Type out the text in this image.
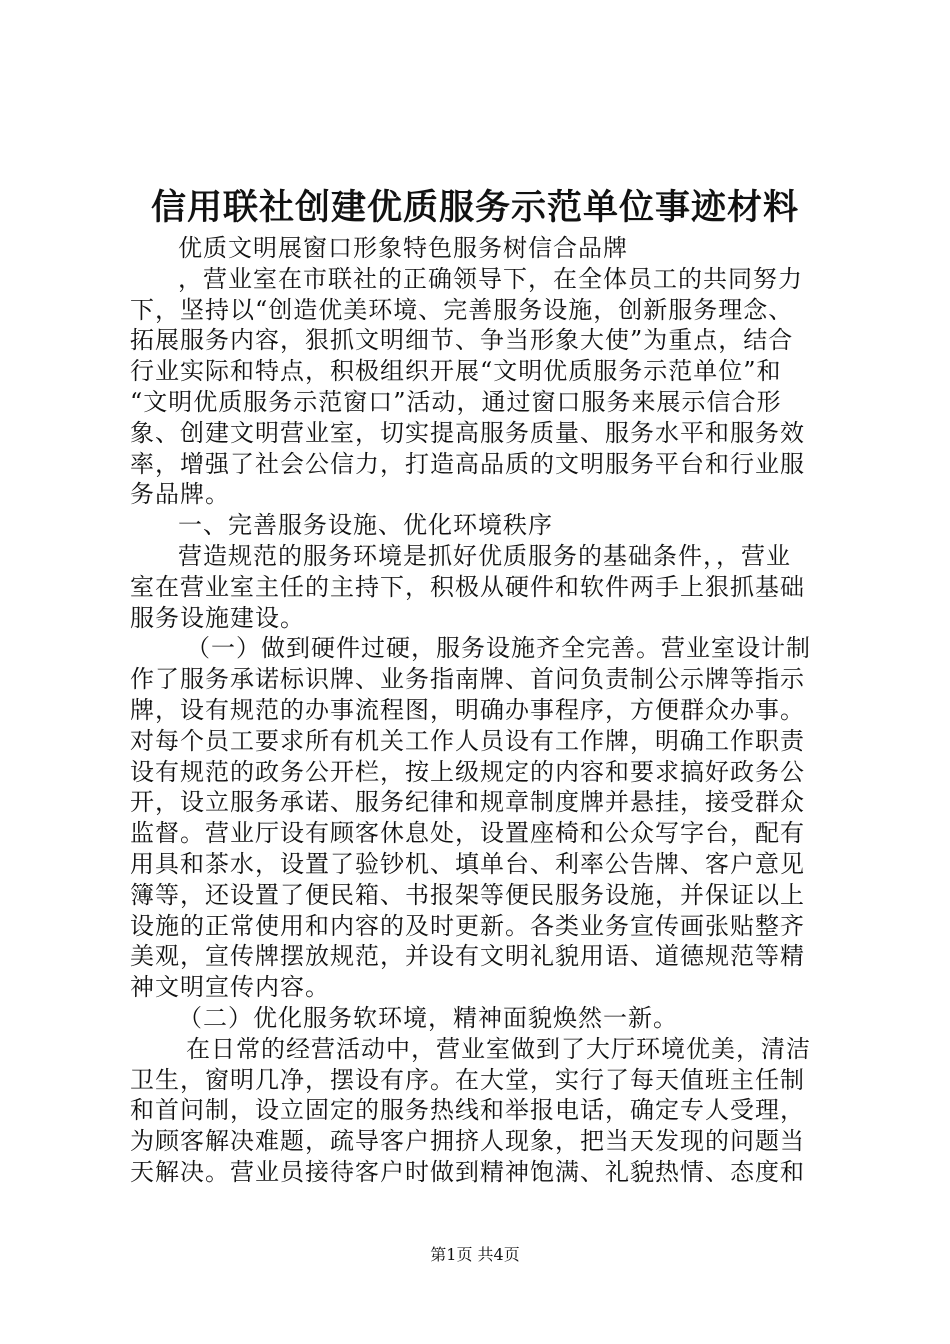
信用联社创建优质服务示范单位事迹材料
优质文明展窗口形象特色服务树信合品牌
，营业室在市联社的正确领导下，在全体员工的共同努力
下，坚持以“创造优美环境、完善服务设施，创新服务理念、
拓展服务内容，狠抓文明细节、争当形象大使”为重点，结合
行业实际和特点，积极组织开展“文明优质服务示范单位”和
“文明优质服务示范窗口”活动，通过窗口服务来展示信合形
象、创建文明营业室，切实提高服务质量、服务水平和服务效
率，增强了社会公信力，打造高品质的文明服务平台和行业服
务品牌。
一、完善服务设施、优化环境秩序
营造规范的服务环境是抓好优质服务的基础条件，，营业
室在营业室主任的主持下，积极从硬件和软件两手上狠抓基础
服务设施建设。
（一）做到硬件过硬，服务设施齐全完善。营业室设计制
作了服务承诺标识牌、业务指南牌、首问负责制公示牌等指示
牌，设有规范的办事流程图，明确办事程序，方便群众办事。
对每个员工要求所有机关工作人员设有工作牌，明确工作职责
设有规范的政务公开栏，按上级规定的内容和要求搞好政务公
开，设立服务承诺、服务纪律和规章制度牌并悬挂，接受群众
监督。营业厅设有顾客休息处，设置座椅和公众写字台，配有
用具和茶水，设置了验钞机、填单台、利率公告牌、客户意见
簿等，还设置了便民箱、书报架等便民服务设施，并保证以上
设施的正常使用和内容的及时更新。各类业务宣传画张贴整齐
美观，宣传牌摆放规范，并设有文明礼貌用语、道德规范等精
神文明宣传内容。
（二）优化服务软环境，精神面貌焕然一新。
在日常的经营活动中，营业室做到了大厅环境优美，清洁
卫生，窗明几净，摆设有序。在大堂，实行了每天值班主任制
和首问制，设立固定的服务热线和举报电话，确定专人受理，
为顾客解决难题，疏导客户拥挤人现象，把当天发现的问题当
天解决。营业员接待客户时做到精神饱满、礼貌热情、态度和
第1页 共4页
